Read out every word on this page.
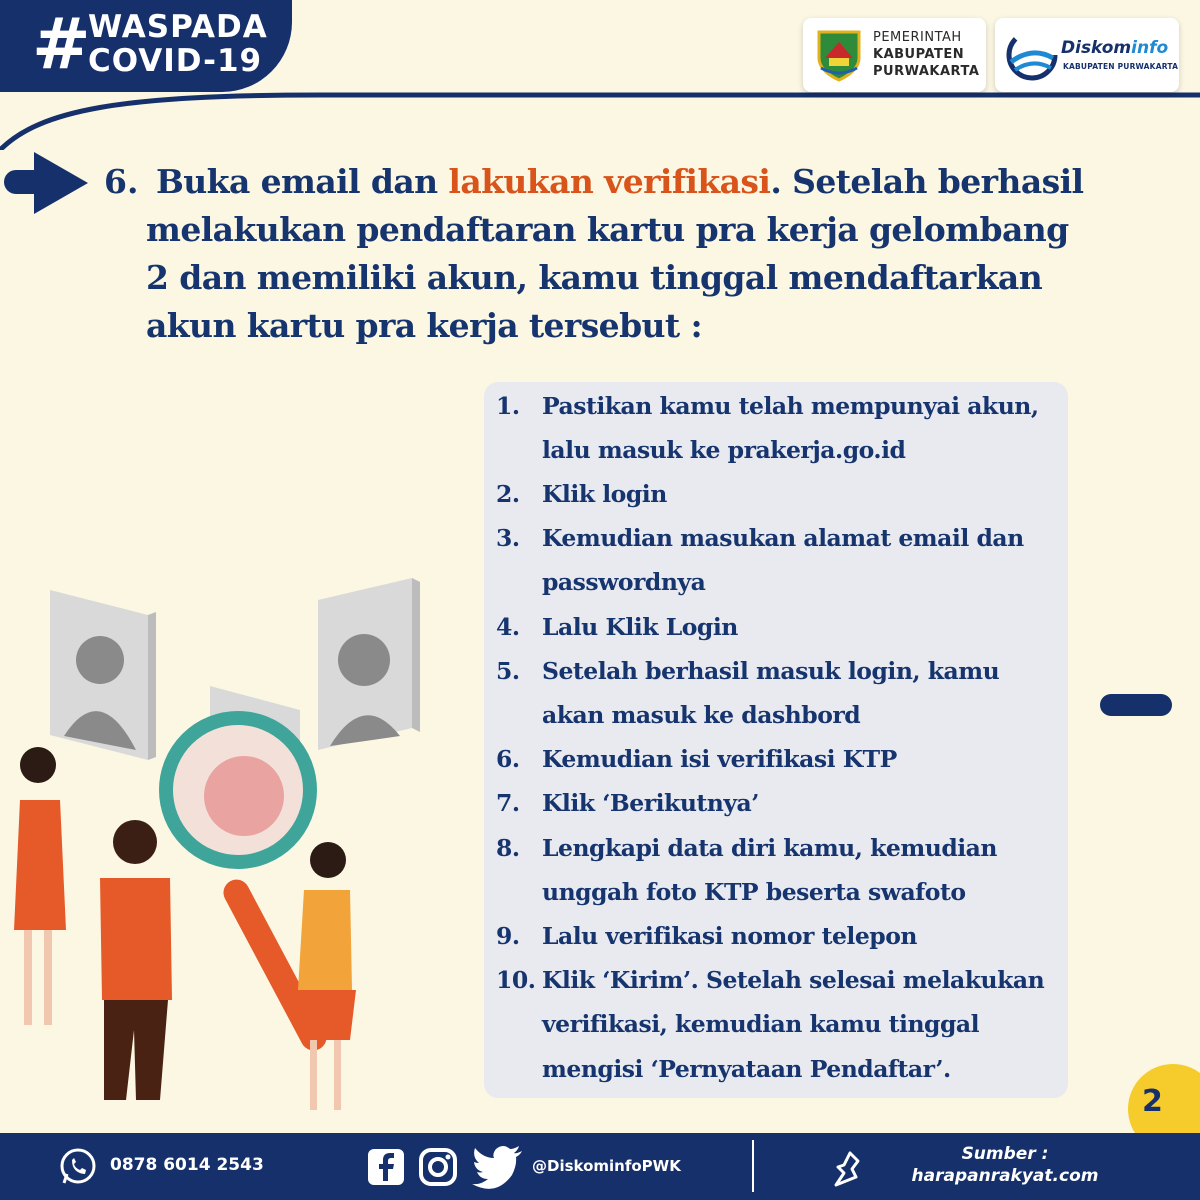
#
WASPADA
COVID-19
PEMERINTAH
KABUPATEN
PURWAKARTA
Diskominfo
KABUPATEN PURWAKARTA
6. Buka email dan lakukan verifikasi. Setelah berhasil melakukan pendaftaran kartu pra kerja gelombang 2 dan memiliki akun, kamu tinggal mendaftarkan akun kartu pra kerja tersebut :
1. Pastikan kamu telah mempunyai akun,
lalu masuk ke prakerja.go.id
2. Klik login
3. Kemudian masukan alamat email dan
passwordnya
4. Lalu Klik Login
5. Setelah berhasil masuk login, kamu
akan masuk ke dashbord
6. Kemudian isi verifikasi KTP
7. Klik ‘Berikutnya’
8. Lengkapi data diri kamu, kemudian
unggah foto KTP beserta swafoto
9. Lalu verifikasi nomor telepon
10. Klik ‘Kirim’. Setelah selesai melakukan
verifikasi, kemudian kamu tinggal
mengisi ‘Pernyataan Pendaftar’.
2
0878 6014 2543	@DiskominfoPWK
Sumber :
harapanrakyat.com
